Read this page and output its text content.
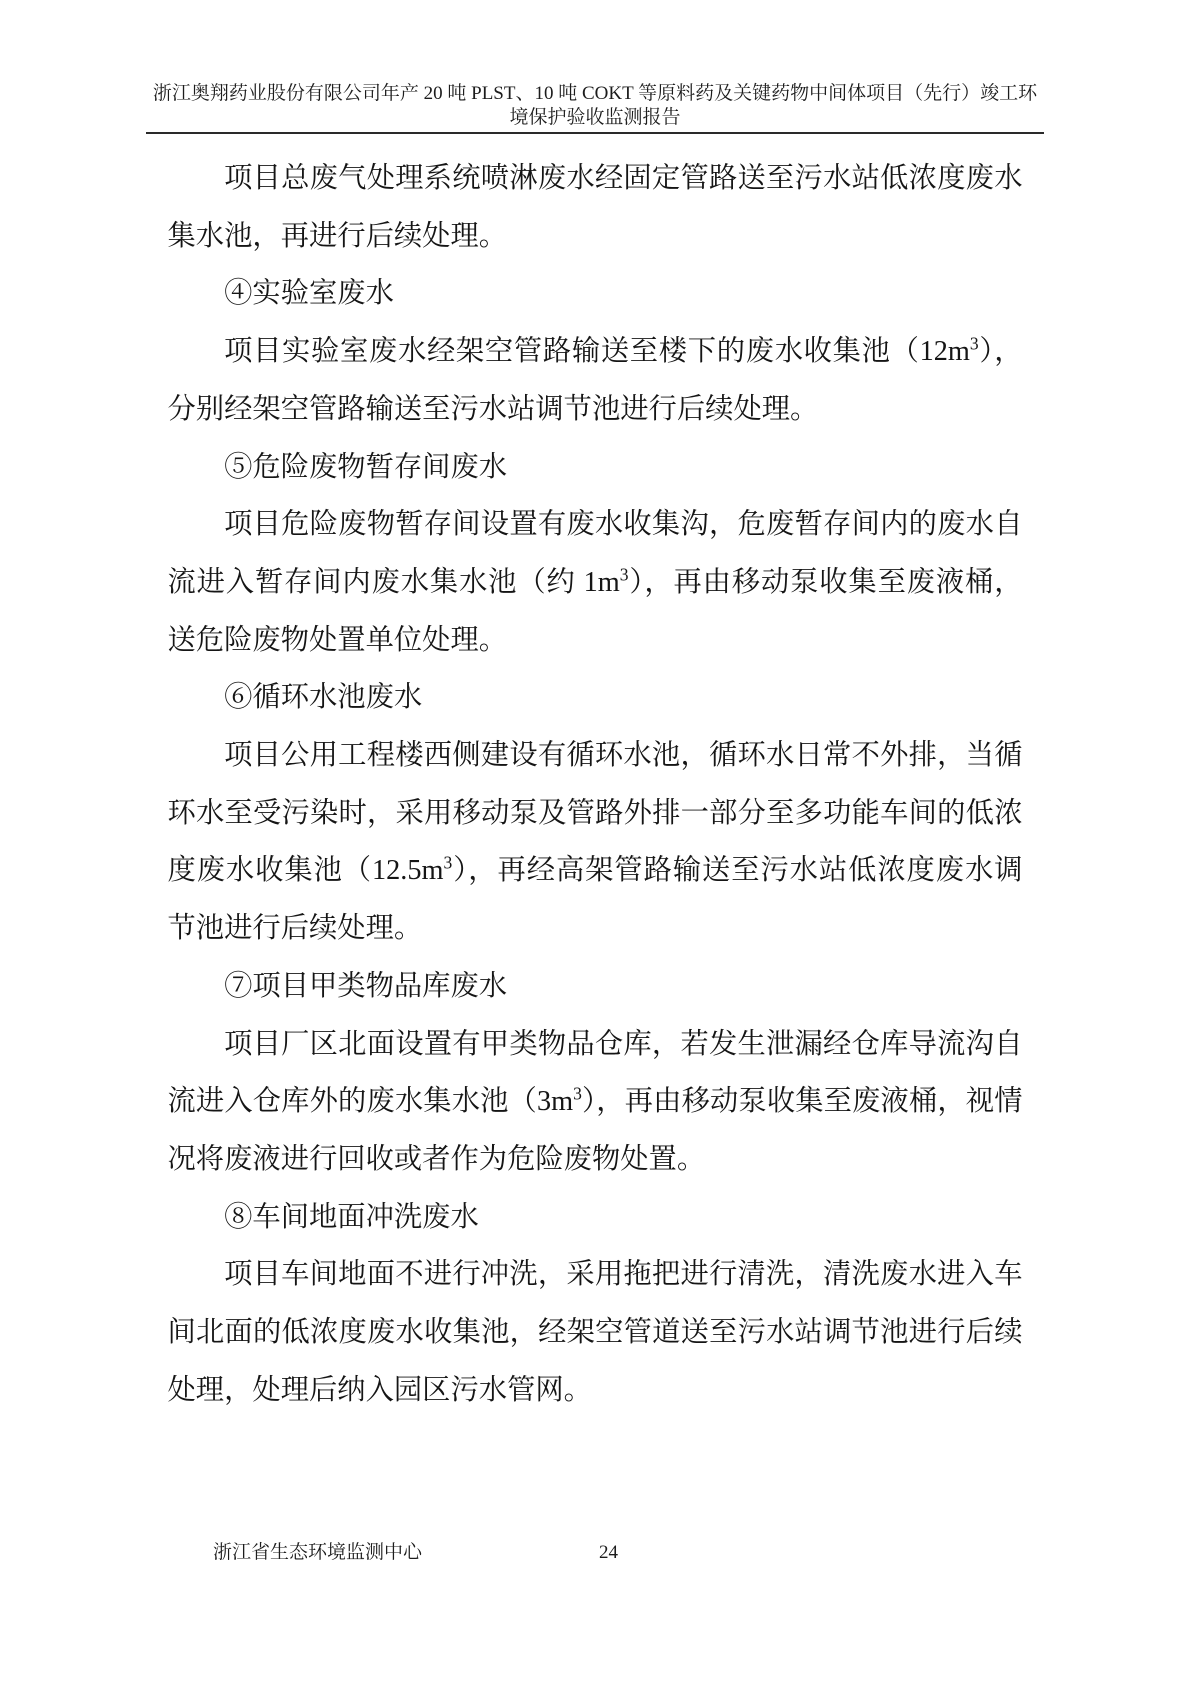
浙江奥翔药业股份有限公司年产 20 吨 PLST、10 吨 COKT 等原料药及关键药物中间体项目（先行）竣工环境保护验收监测报告

项目总废气处理系统喷淋废水经固定管路送至污水站低浓度废水集水池，再进行后续处理。

④实验室废水

项目实验室废水经架空管路输送至楼下的废水收集池$(12m^3)$，分别经架空管路输送至污水站调节池进行后续处理。

⑤危险废物暂存间废水

项目危险废物暂存间设置有废水收集沟，危废暂存间内的废水自流进入暂存间内废水集水池（约 $1m^3$），再由移动泵收集至废液桶，送危险废物处置单位处理。

⑥循环水池废水

项目公用工程楼西侧建设有循环水池，循环水日常不外排，当循环水至受污染时，采用移动泵及管路外排一部分至多功能车间的低浓度废水收集池$(12.5m^3)$，再经高架管路输送至污水站低浓度废水调节池进行后续处理。

⑦项目甲类物品库废水

项目厂区北面设置有甲类物品仓库，若发生泄漏经仓库导流沟自流进入仓库外的废水集水池$(3m^3)$，再由移动泵收集至废液桶，视情况将废液进行回收或者作为危险废物处置。

⑧车间地面冲洗废水

项目车间地面不进行冲洗，采用拖把进行清洗，清洗废水进入车间北面的低浓度废水收集池，经架空管道送至污水站调节池进行后续处理，处理后纳入园区污水管网。

浙江省生态环境监测中心	24
